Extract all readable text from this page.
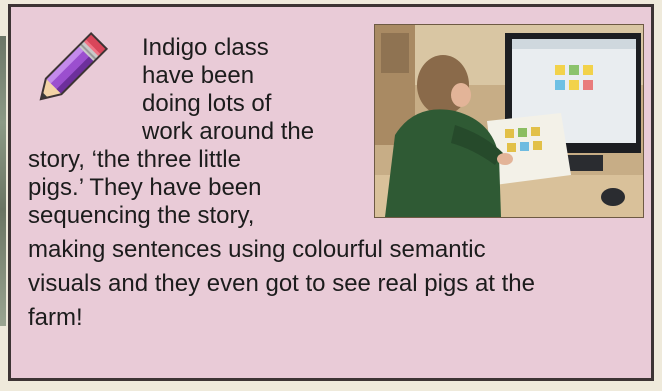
Indigo class

have been

doing lots of

work around the

story, ‘the three little

pigs.’ They have been

sequencing the story,

making sentences using colourful semantic

visuals and they even got to see real pigs at the

farm!
